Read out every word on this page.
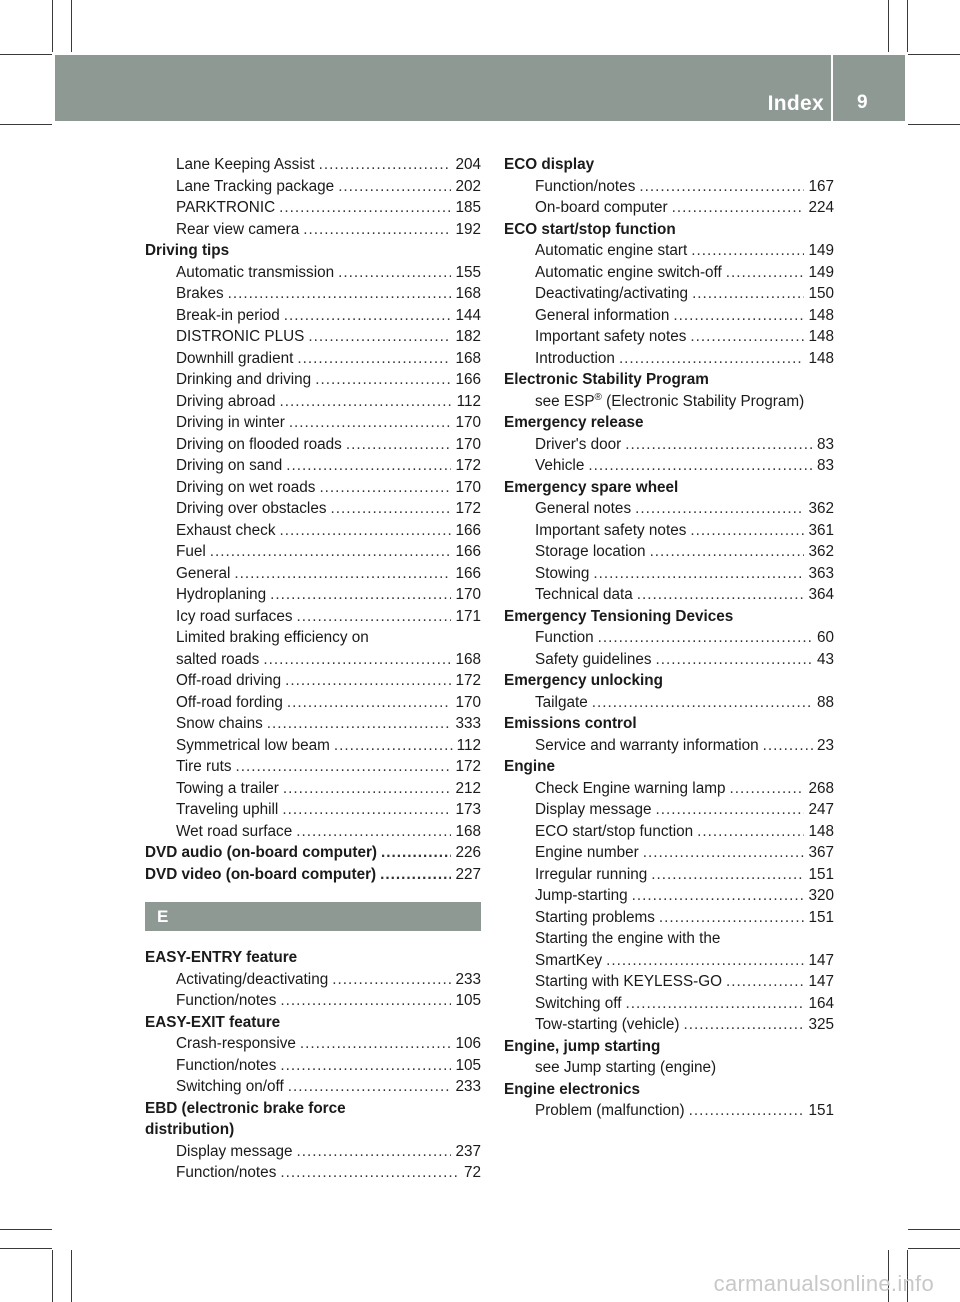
Index 9
Lane Keeping Assist .....	204
Lane Tracking package .....	202
PARKTRONIC .....	185
Rear view camera .....	192
Driving tips
Automatic transmission .....	155
Brakes .....	168
Break-in period .....	144
DISTRONIC PLUS .....	182
Downhill gradient .....	168
Drinking and driving .....	166
Driving abroad .....	112
Driving in winter .....	170
Driving on flooded roads .....	170
Driving on sand .....	172
Driving on wet roads .....	170
Driving over obstacles .....	172
Exhaust check .....	166
Fuel .....	166
General .....	166
Hydroplaning .....	170
Icy road surfaces .....	171
Limited braking efficiency on
salted roads .....	168
Off-road driving .....	172
Off-road fording .....	170
Snow chains .....	333
Symmetrical low beam .....	112
Tire ruts .....	172
Towing a trailer .....	212
Traveling uphill .....	173
Wet road surface .....	168
DVD audio (on-board computer) .....	226
DVD video (on-board computer) .....	227
E
EASY-ENTRY feature
Activating/deactivating .....	233
Function/notes .....	105
EASY-EXIT feature
Crash-responsive .....	106
Function/notes .....	105
Switching on/off .....	233
EBD (electronic brake force
distribution)
Display message .....	237
Function/notes .....	72
ECO display
Function/notes .....	167
On-board computer .....	224
ECO start/stop function
Automatic engine start .....	149
Automatic engine switch-off .....	149
Deactivating/activating .....	150
General information .....	148
Important safety notes .....	148
Introduction .....	148
Electronic Stability Program
see ESP® (Electronic Stability Program)
Emergency release
Driver's door .....	83
Vehicle .....	83
Emergency spare wheel
General notes .....	362
Important safety notes .....	361
Storage location .....	362
Stowing .....	363
Technical data .....	364
Emergency Tensioning Devices
Function .....	60
Safety guidelines .....	43
Emergency unlocking
Tailgate .....	88
Emissions control
Service and warranty information .....	23
Engine
Check Engine warning lamp .....	268
Display message .....	247
ECO start/stop function .....	148
Engine number .....	367
Irregular running .....	151
Jump-starting .....	320
Starting problems .....	151
Starting the engine with the
SmartKey .....	147
Starting with KEYLESS-GO .....	147
Switching off .....	164
Tow-starting (vehicle) .....	325
Engine, jump starting
see Jump starting (engine)
Engine electronics
Problem (malfunction) .....	151
carmanualsonline.info
